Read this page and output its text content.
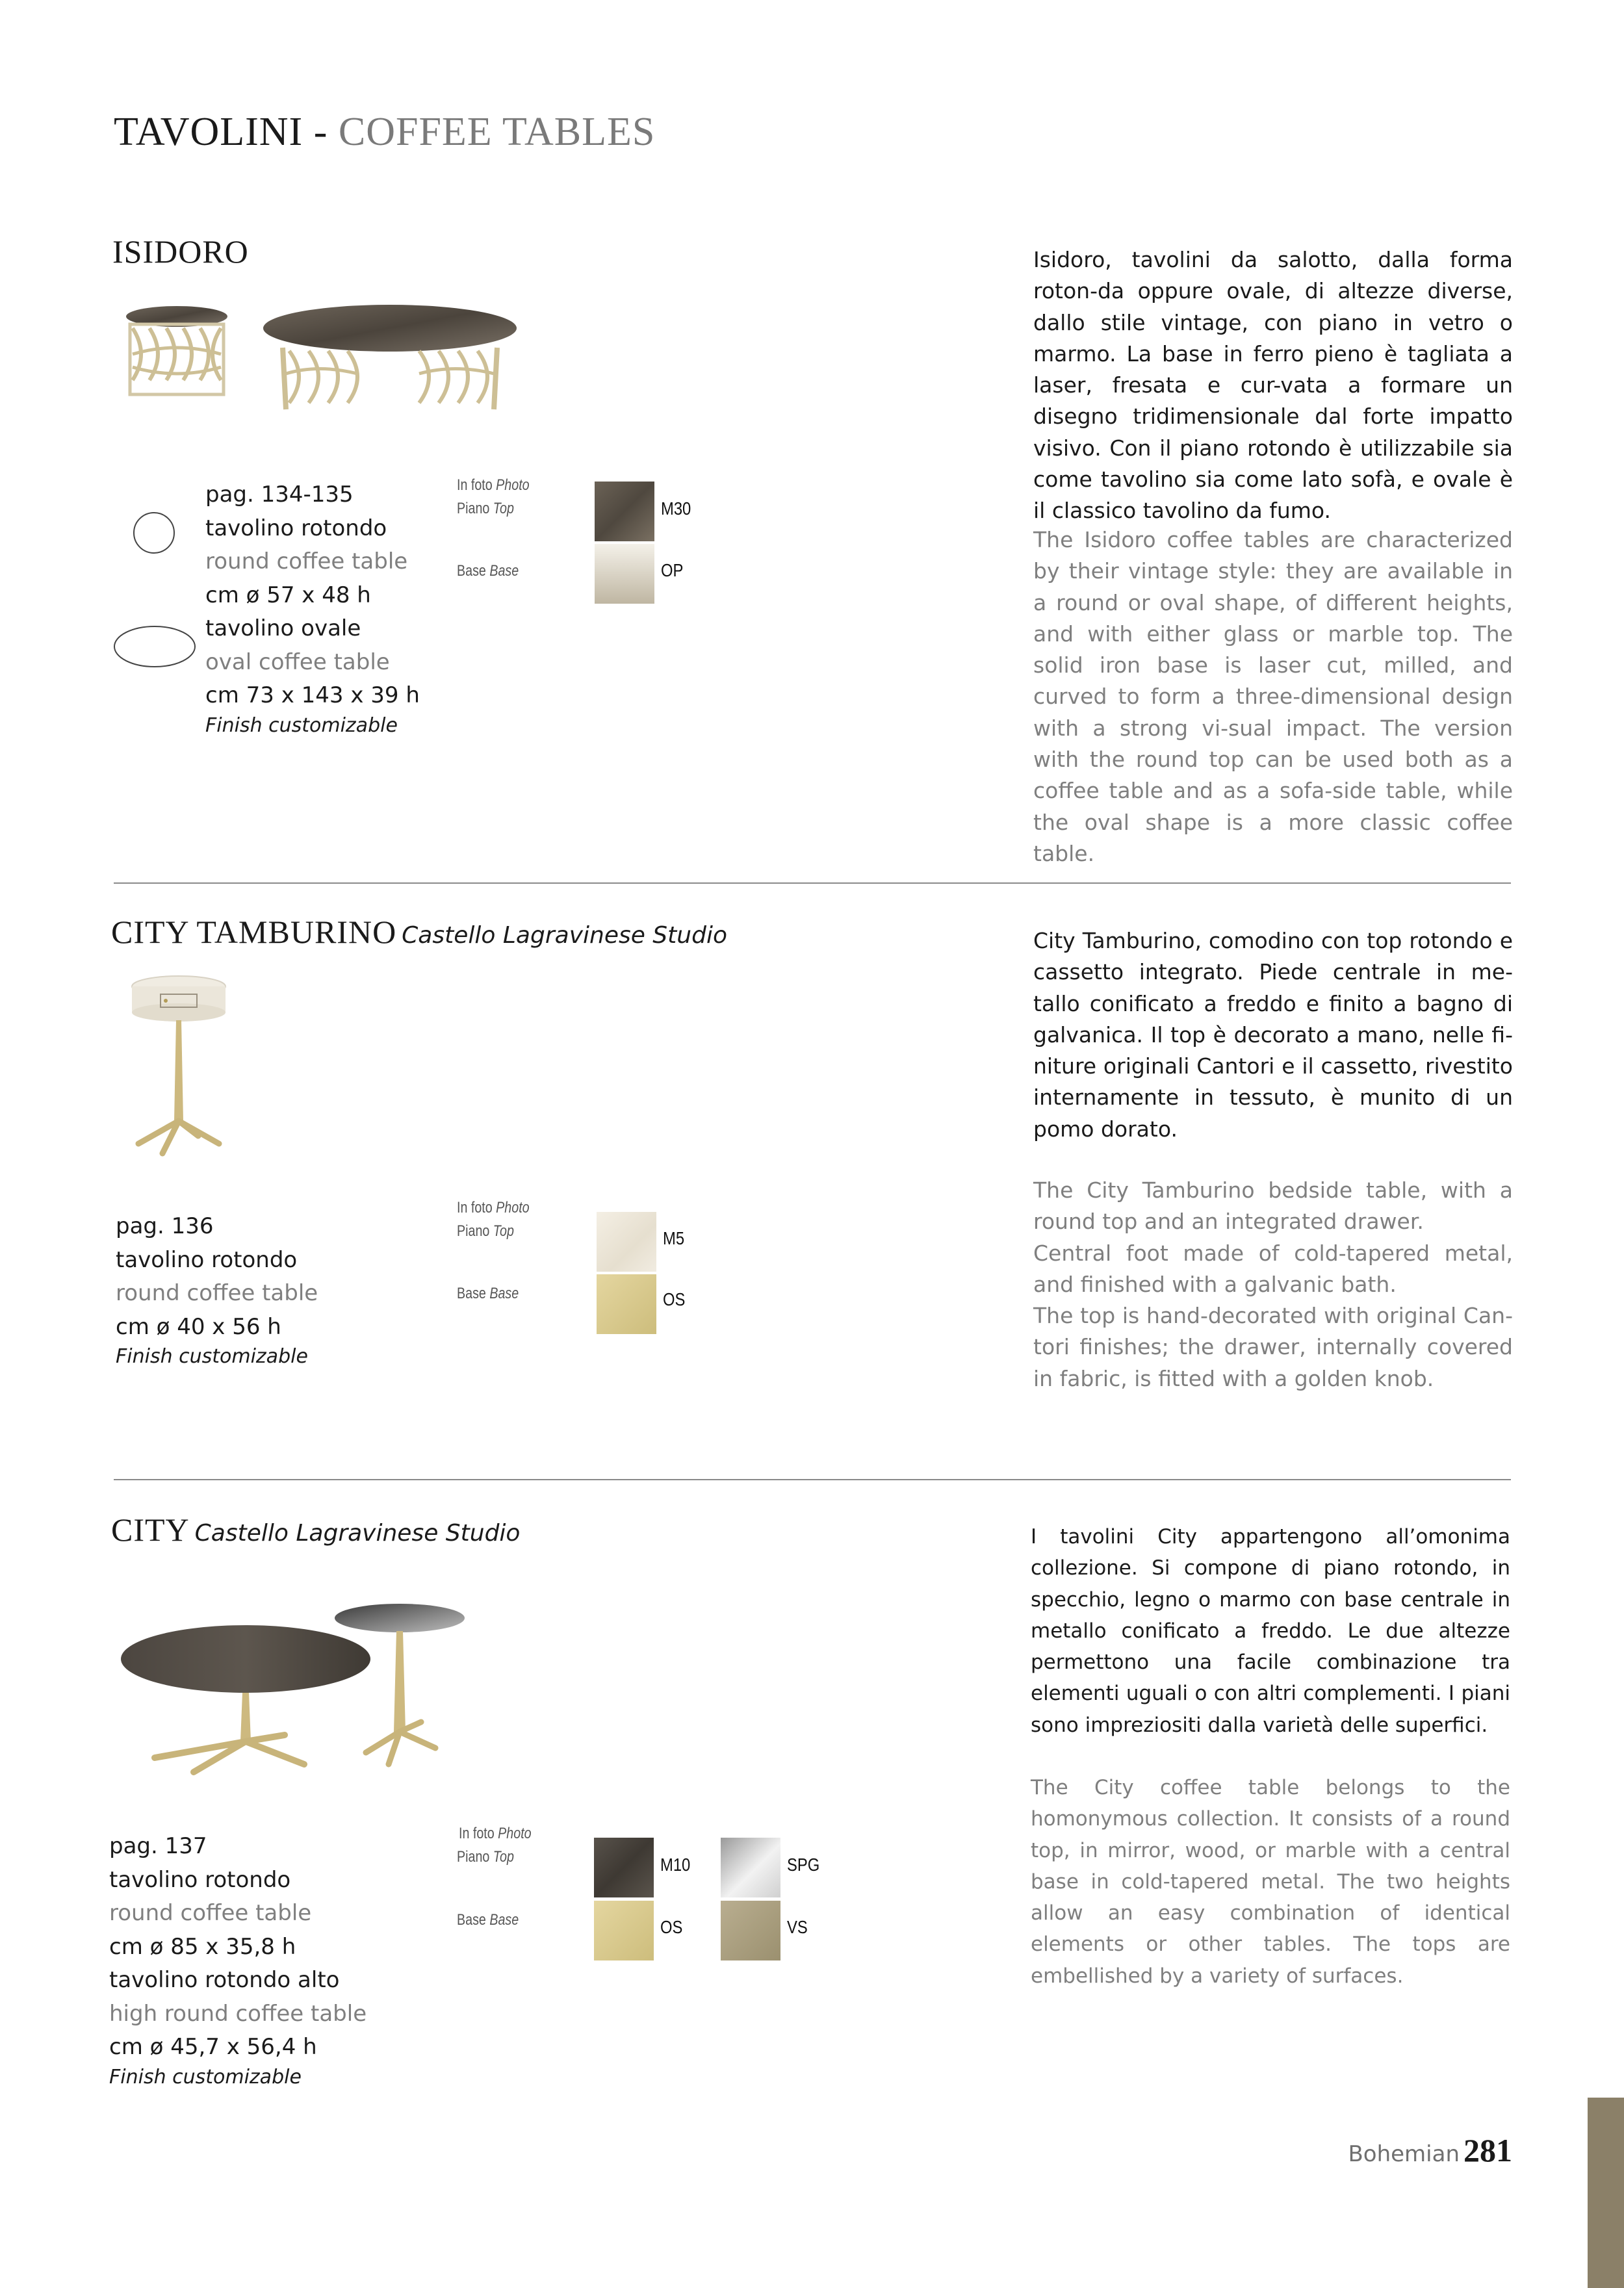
TAVOLINI - COFFEE TABLES
ISIDORO
pag. 134-135
tavolino rotondo
round coffee table
cm ø 57 x 48 h
tavolino ovale
oval coffee table
cm 73 x 143 x 39 h
Finish customizable
In foto Photo
Piano Top
Base Base
M30
OP
Isidoro, tavolini da salotto, dalla forma roton-da oppure ovale, di altezze diverse, dallo stile vintage, con piano in vetro o marmo. La base in ferro pieno è tagliata a laser, fresata e cur-vata a formare un disegno tridimensionale dal forte impatto visivo. Con il piano rotondo è utilizzabile sia come tavolino sia come lato sofà, e ovale è il classico tavolino da fumo.
The Isidoro coffee tables are characterized by their vintage style: they are available in a round or oval shape, of different heights, and with either glass or marble top. The solid iron base is laser cut, milled, and curved to form a three-dimensional design with a strong vi-sual impact. The version with the round top can be used both as a coffee table and as a sofa-side table, while the oval shape is a more classic coffee table.
CITY TAMBURINO Castello Lagravinese Studio
pag. 136
tavolino rotondo
round coffee table
cm ø 40 x 56 h
Finish customizable
In foto Photo
Piano Top
Base Base
M5
OS
City Tamburino, comodino con top rotondo e cassetto integrato. Piede centrale in me-tallo conificato a freddo e finito a bagno di galvanica. Il top è decorato a mano, nelle fi-niture originali Cantori e il cassetto, rivestito internamente in tessuto, è munito di un pomo dorato.
The City Tamburino bedside table, with a round top and an integrated drawer.
Central foot made of cold-tapered metal, and finished with a galvanic bath.
The top is hand-decorated with original Can-tori finishes; the drawer, internally covered in fabric, is fitted with a golden knob.
CITY Castello Lagravinese Studio
pag. 137
tavolino rotondo
round coffee table
cm ø 85 x 35,8 h
tavolino rotondo alto
high round coffee table
cm ø 45,7 x 56,4 h
Finish customizable
In foto Photo
Piano Top
Base Base
M10	SPG
OS	VS
I tavolini City appartengono all’omonima collezione. Si compone di piano rotondo, in specchio, legno o marmo con base centrale in metallo conificato a freddo. Le due altezze permettono una facile combinazione tra elementi uguali o con altri complementi. I piani sono impreziositi dalla varietà delle superfici.
The City coffee table belongs to the homonymous collection. It consists of a round top, in mirror, wood, or marble with a central base in cold-tapered metal. The two heights allow an easy combination of identical elements or other tables. The tops are embellished by a variety of surfaces.
Bohemian 281
